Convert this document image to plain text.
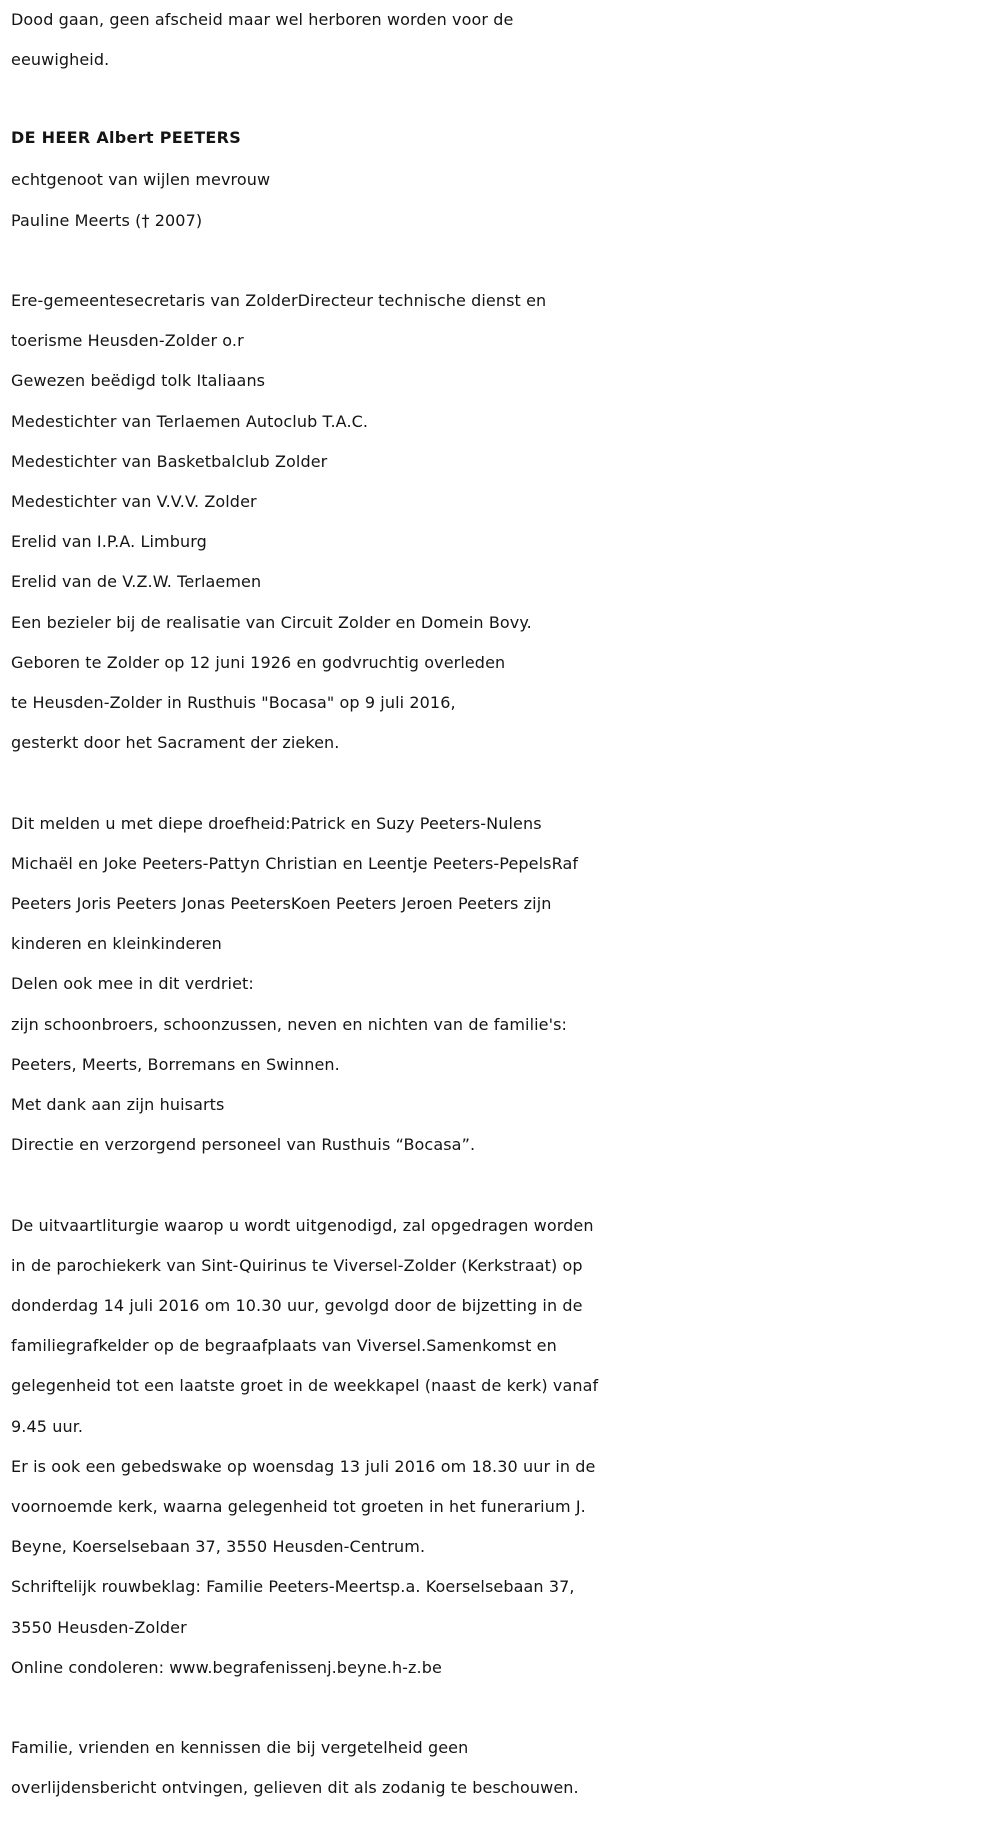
Dood gaan, geen afscheid maar wel herboren worden voor de
eeuwigheid.
DE HEER Albert PEETERS
echtgenoot van wijlen mevrouw
Pauline Meerts († 2007)
Ere-gemeentesecretaris van ZolderDirecteur technische dienst en
toerisme Heusden-Zolder o.r
Gewezen beëdigd tolk Italiaans
Medestichter van Terlaemen Autoclub T.A.C.
Medestichter van Basketbalclub Zolder
Medestichter van V.V.V. Zolder
Erelid van I.P.A. Limburg
Erelid van de V.Z.W. Terlaemen
Een bezieler bij de realisatie van Circuit Zolder en Domein Bovy.
Geboren te Zolder op 12 juni 1926 en godvruchtig overleden
te Heusden-Zolder in Rusthuis "Bocasa" op 9 juli 2016,
gesterkt door het Sacrament der zieken.
Dit melden u met diepe droefheid:Patrick en Suzy Peeters-Nulens
Michaël en Joke Peeters-Pattyn Christian en Leentje Peeters-PepelsRaf
Peeters Joris Peeters Jonas PeetersKoen Peeters Jeroen Peeters zijn
kinderen en kleinkinderen
Delen ook mee in dit verdriet:
zijn schoonbroers, schoonzussen, neven en nichten van de familie's:
Peeters, Meerts, Borremans en Swinnen.
Met dank aan zijn huisarts
Directie en verzorgend personeel van Rusthuis “Bocasa”.
De uitvaartliturgie waarop u wordt uitgenodigd, zal opgedragen worden
in de parochiekerk van Sint-Quirinus te Viversel-Zolder (Kerkstraat) op
donderdag 14 juli 2016 om 10.30 uur, gevolgd door de bijzetting in de
familiegrafkelder op de begraafplaats van Viversel.Samenkomst en
gelegenheid tot een laatste groet in de weekkapel (naast de kerk) vanaf
9.45 uur.
Er is ook een gebedswake op woensdag 13 juli 2016 om 18.30 uur in de
voornoemde kerk, waarna gelegenheid tot groeten in het funerarium J.
Beyne, Koerselsebaan 37, 3550 Heusden-Centrum.
Schriftelijk rouwbeklag: Familie Peeters-Meertsp.a. Koerselsebaan 37,
3550 Heusden-Zolder
Online condoleren: www.begrafenissenj.beyne.h-z.be
Familie, vrienden en kennissen die bij vergetelheid geen
overlijdensbericht ontvingen, gelieven dit als zodanig te beschouwen.
